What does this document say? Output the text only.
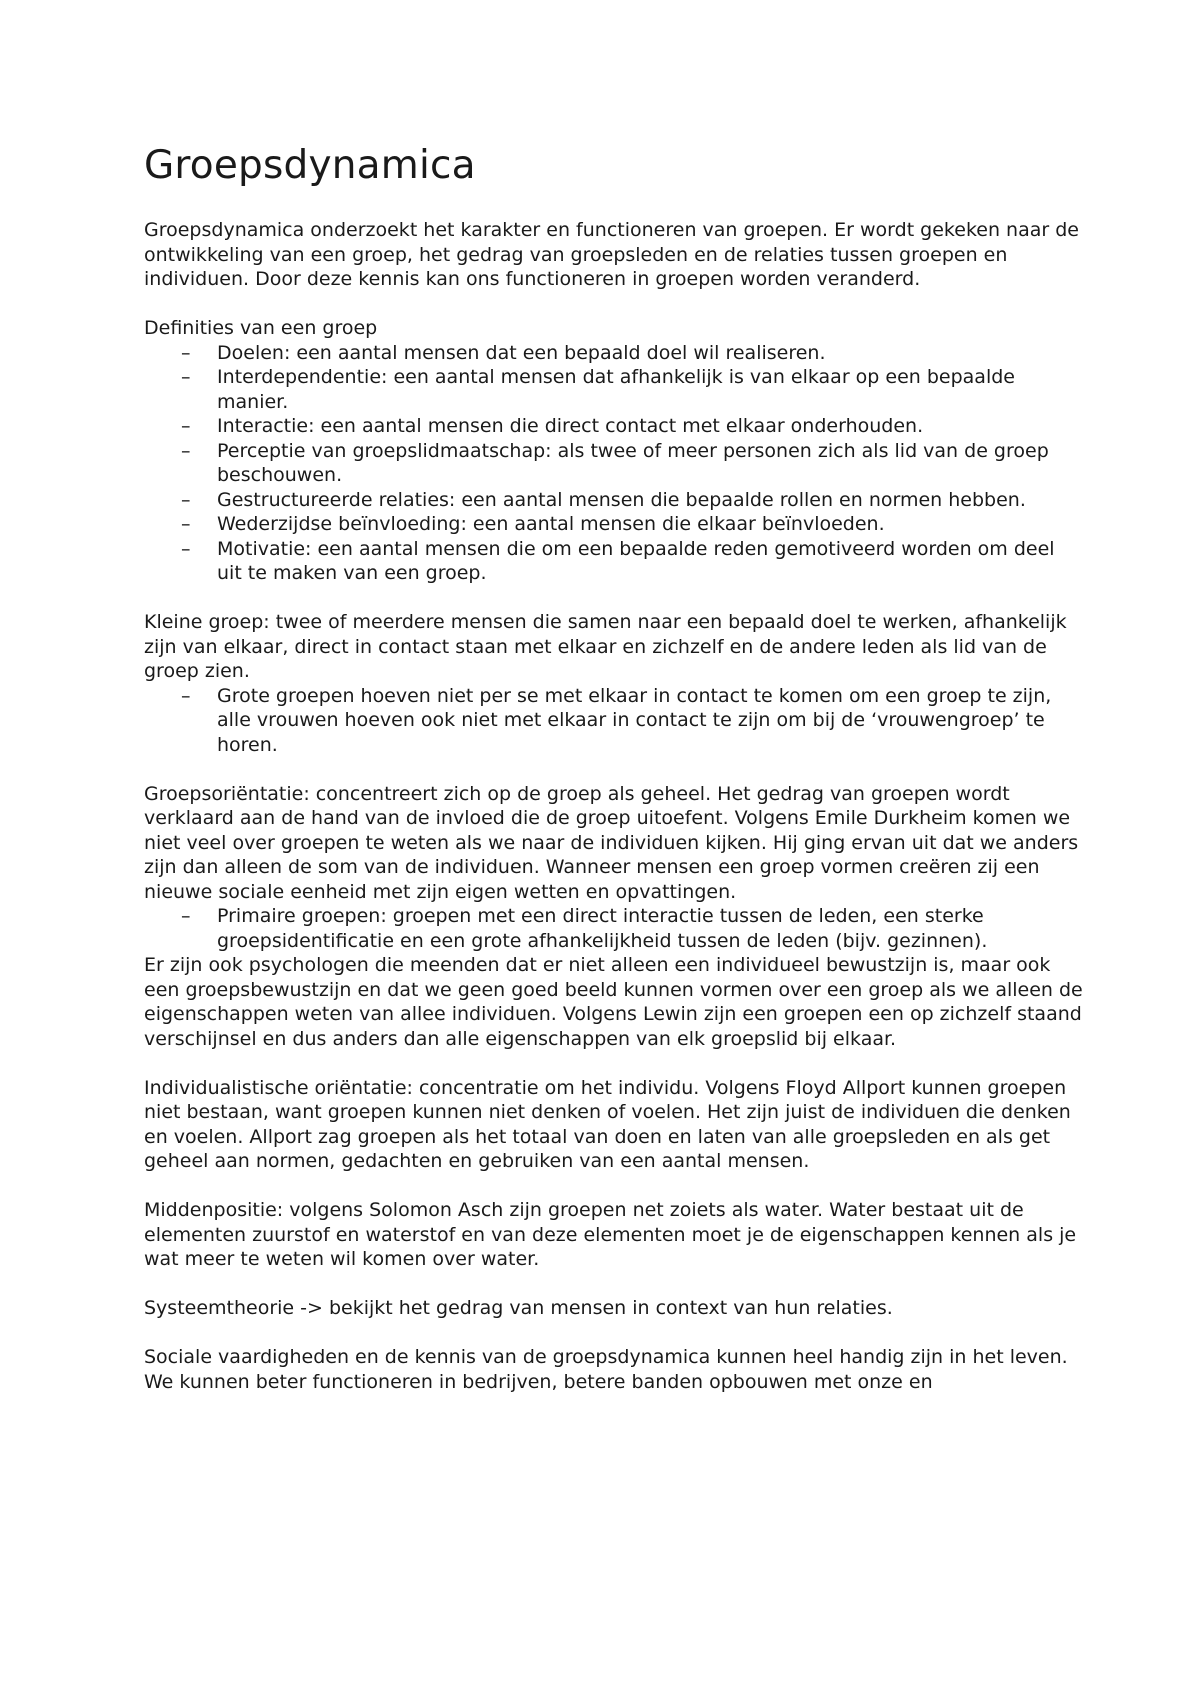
Groepsdynamica

Groepsdynamica onderzoekt het karakter en functioneren van groepen. Er wordt gekeken naar de ontwikkeling van een groep, het gedrag van groepsleden en de relaties tussen groepen en individuen. Door deze kennis kan ons functioneren in groepen worden veranderd.

Definities van een groep

– Doelen: een aantal mensen dat een bepaald doel wil realiseren.
– Interdependentie: een aantal mensen dat afhankelijk is van elkaar op een bepaalde manier.
– Interactie: een aantal mensen die direct contact met elkaar onderhouden.
– Perceptie van groepslidmaatschap: als twee of meer personen zich als lid van de groep beschouwen.
– Gestructureerde relaties: een aantal mensen die bepaalde rollen en normen hebben.
– Wederzijdse beïnvloeding: een aantal mensen die elkaar beïnvloeden.
– Motivatie: een aantal mensen die om een bepaalde reden gemotiveerd worden om deel uit te maken van een groep.

Kleine groep: twee of meerdere mensen die samen naar een bepaald doel te werken, afhankelijk zijn van elkaar, direct in contact staan met elkaar en zichzelf en de andere leden als lid van de groep zien.

– Grote groepen hoeven niet per se met elkaar in contact te komen om een groep te zijn, alle vrouwen hoeven ook niet met elkaar in contact te zijn om bij de ‘vrouwengroep’ te horen.

Groepsoriëntatie: concentreert zich op de groep als geheel. Het gedrag van groepen wordt verklaard aan de hand van de invloed die de groep uitoefent. Volgens Emile Durkheim komen we niet veel over groepen te weten als we naar de individuen kijken. Hij ging ervan uit dat we anders zijn dan alleen de som van de individuen. Wanneer mensen een groep vormen creëren zij een nieuwe sociale eenheid met zijn eigen wetten en opvattingen.

– Primaire groepen: groepen met een direct interactie tussen de leden, een sterke groepsidentificatie en een grote afhankelijkheid tussen de leden (bijv. gezinnen).

Er zijn ook psychologen die meenden dat er niet alleen een individueel bewustzijn is, maar ook een groepsbewustzijn en dat we geen goed beeld kunnen vormen over een groep als we alleen de eigenschappen weten van allee individuen. Volgens Lewin zijn een groepen een op zichzelf staand verschijnsel en dus anders dan alle eigenschappen van elk groepslid bij elkaar.

Individualistische oriëntatie: concentratie om het individu. Volgens Floyd Allport kunnen groepen niet bestaan, want groepen kunnen niet denken of voelen. Het zijn juist de individuen die denken en voelen. Allport zag groepen als het totaal van doen en laten van alle groepsleden en als get geheel aan normen, gedachten en gebruiken van een aantal mensen.

Middenpositie: volgens Solomon Asch zijn groepen net zoiets als water. Water bestaat uit de elementen zuurstof en waterstof en van deze elementen moet je de eigenschappen kennen als je wat meer te weten wil komen over water.

Systeemtheorie -> bekijkt het gedrag van mensen in context van hun relaties.

Sociale vaardigheden en de kennis van de groepsdynamica kunnen heel handig zijn in het leven. We kunnen beter functioneren in bedrijven, betere banden opbouwen met onze en
